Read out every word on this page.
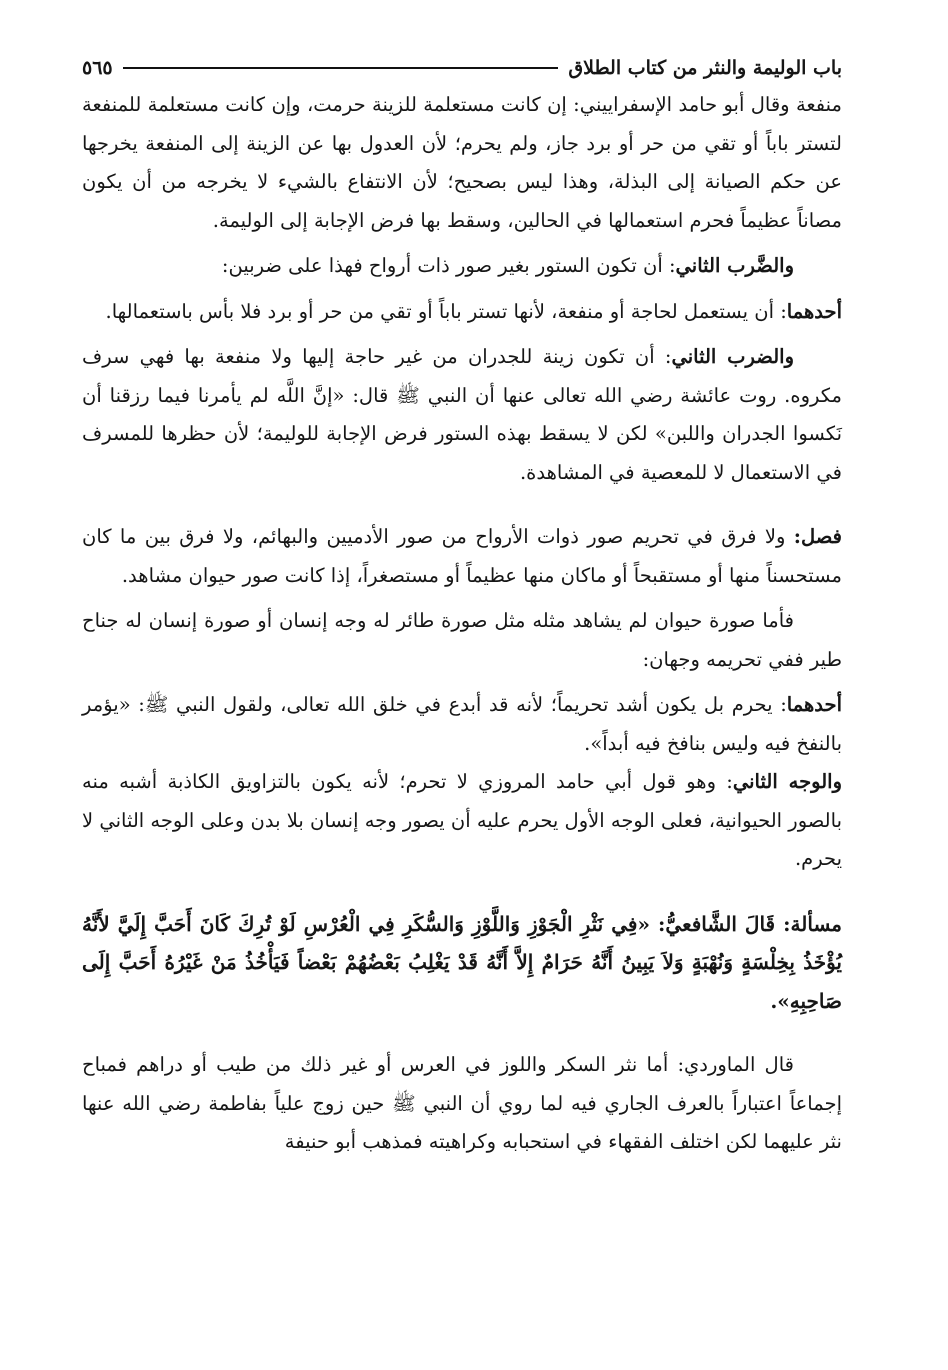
باب الوليمة والنثر من كتاب الطلاق
٥٦٥

منفعة وقال أبو حامد الإسفراييني: إن كانت مستعلمة للزينة حرمت، وإن كانت مستعلمة للمنفعة لتستر باباً أو تقي من حر أو برد جاز، ولم يحرم؛ لأن العدول بها عن الزينة إلى المنفعة يخرجها عن حكم الصيانة إلى البذلة، وهذا ليس بصحيح؛ لأن الانتفاع بالشيء لا يخرجه من أن يكون مصاناً عظيماً فحرم استعمالها في الحالين، وسقط بها فرض الإجابة إلى الوليمة.

والضَّرب الثاني: أن تكون الستور بغير صور ذات أرواح فهذا على ضربين:

أحدهما: أن يستعمل لحاجة أو منفعة، لأنها تستر باباً أو تقي من حر أو برد فلا بأس باستعمالها.

والضرب الثاني: أن تكون زينة للجدران من غير حاجة إليها ولا منفعة بها فهي سرف مكروه. روت عائشة رضي الله تعالى عنها أن النبي ﷺ قال: «إنَّ اللَّه لم يأمرنا فيما رزقنا أن نَكسوا الجدران واللبن» لكن لا يسقط بهذه الستور فرض الإجابة للوليمة؛ لأن حظرها للمسرف في الاستعمال لا للمعصية في المشاهدة.

فصل: ولا فرق في تحريم صور ذوات الأرواح من صور الأدميين والبهائم، ولا فرق بين ما كان مستحسناً منها أو مستقبحاً أو ماكان منها عظيماً أو مستصغراً، إذا كانت صور حيوان مشاهد.

فأما صورة حيوان لم يشاهد مثله مثل صورة طائر له وجه إنسان أو صورة إنسان له جناح طير ففي تحريمه وجهان:

أحدهما: يحرم بل يكون أشد تحريماً؛ لأنه قد أبدع في خلق الله تعالى، ولقول النبي ﷺ: «يؤمر بالنفخ فيه وليس بنافخ فيه أبداً».

والوجه الثاني: وهو قول أبي حامد المروزي لا تحرم؛ لأنه يكون بالتزاويق الكاذبة أشبه منه بالصور الحيوانية، فعلى الوجه الأول يحرم عليه أن يصور وجه إنسان بلا بدن وعلى الوجه الثاني لا يحرم.

مسألة: قَالَ الشَّافعيُّ: «فِي نَثْرِ الْجَوْزِ وَاللَّوْزِ وَالسُّكَرِ فِي الْعُرْسِ لَوْ تُرِكَ كَانَ أَحَبَّ إِلَيَّ لأَنَّهُ يُؤْخَذُ بِخِلْسَةٍ وَنُهْبَةٍ وَلاَ يَبِينُ أَنَّهُ حَرَامٌ إِلاَّ أَنَّهُ قَدْ يَغْلِبُ بَعْضُهُمْ بَعْضاً فَيَأْخُذُ مَنْ غَيْرُهُ أَحَبَّ إِلَى صَاحِبِهِ».

قال الماوردي: أما نثر السكر واللوز في العرس أو غير ذلك من طيب أو دراهم فمباح إجماعاً اعتباراً بالعرف الجاري فيه لما روي أن النبي ﷺ حين زوج علياً بفاطمة رضي الله عنها نثر عليهما لكن اختلف الفقهاء في استحبابه وكراهيته فمذهب أبو حنيفة
